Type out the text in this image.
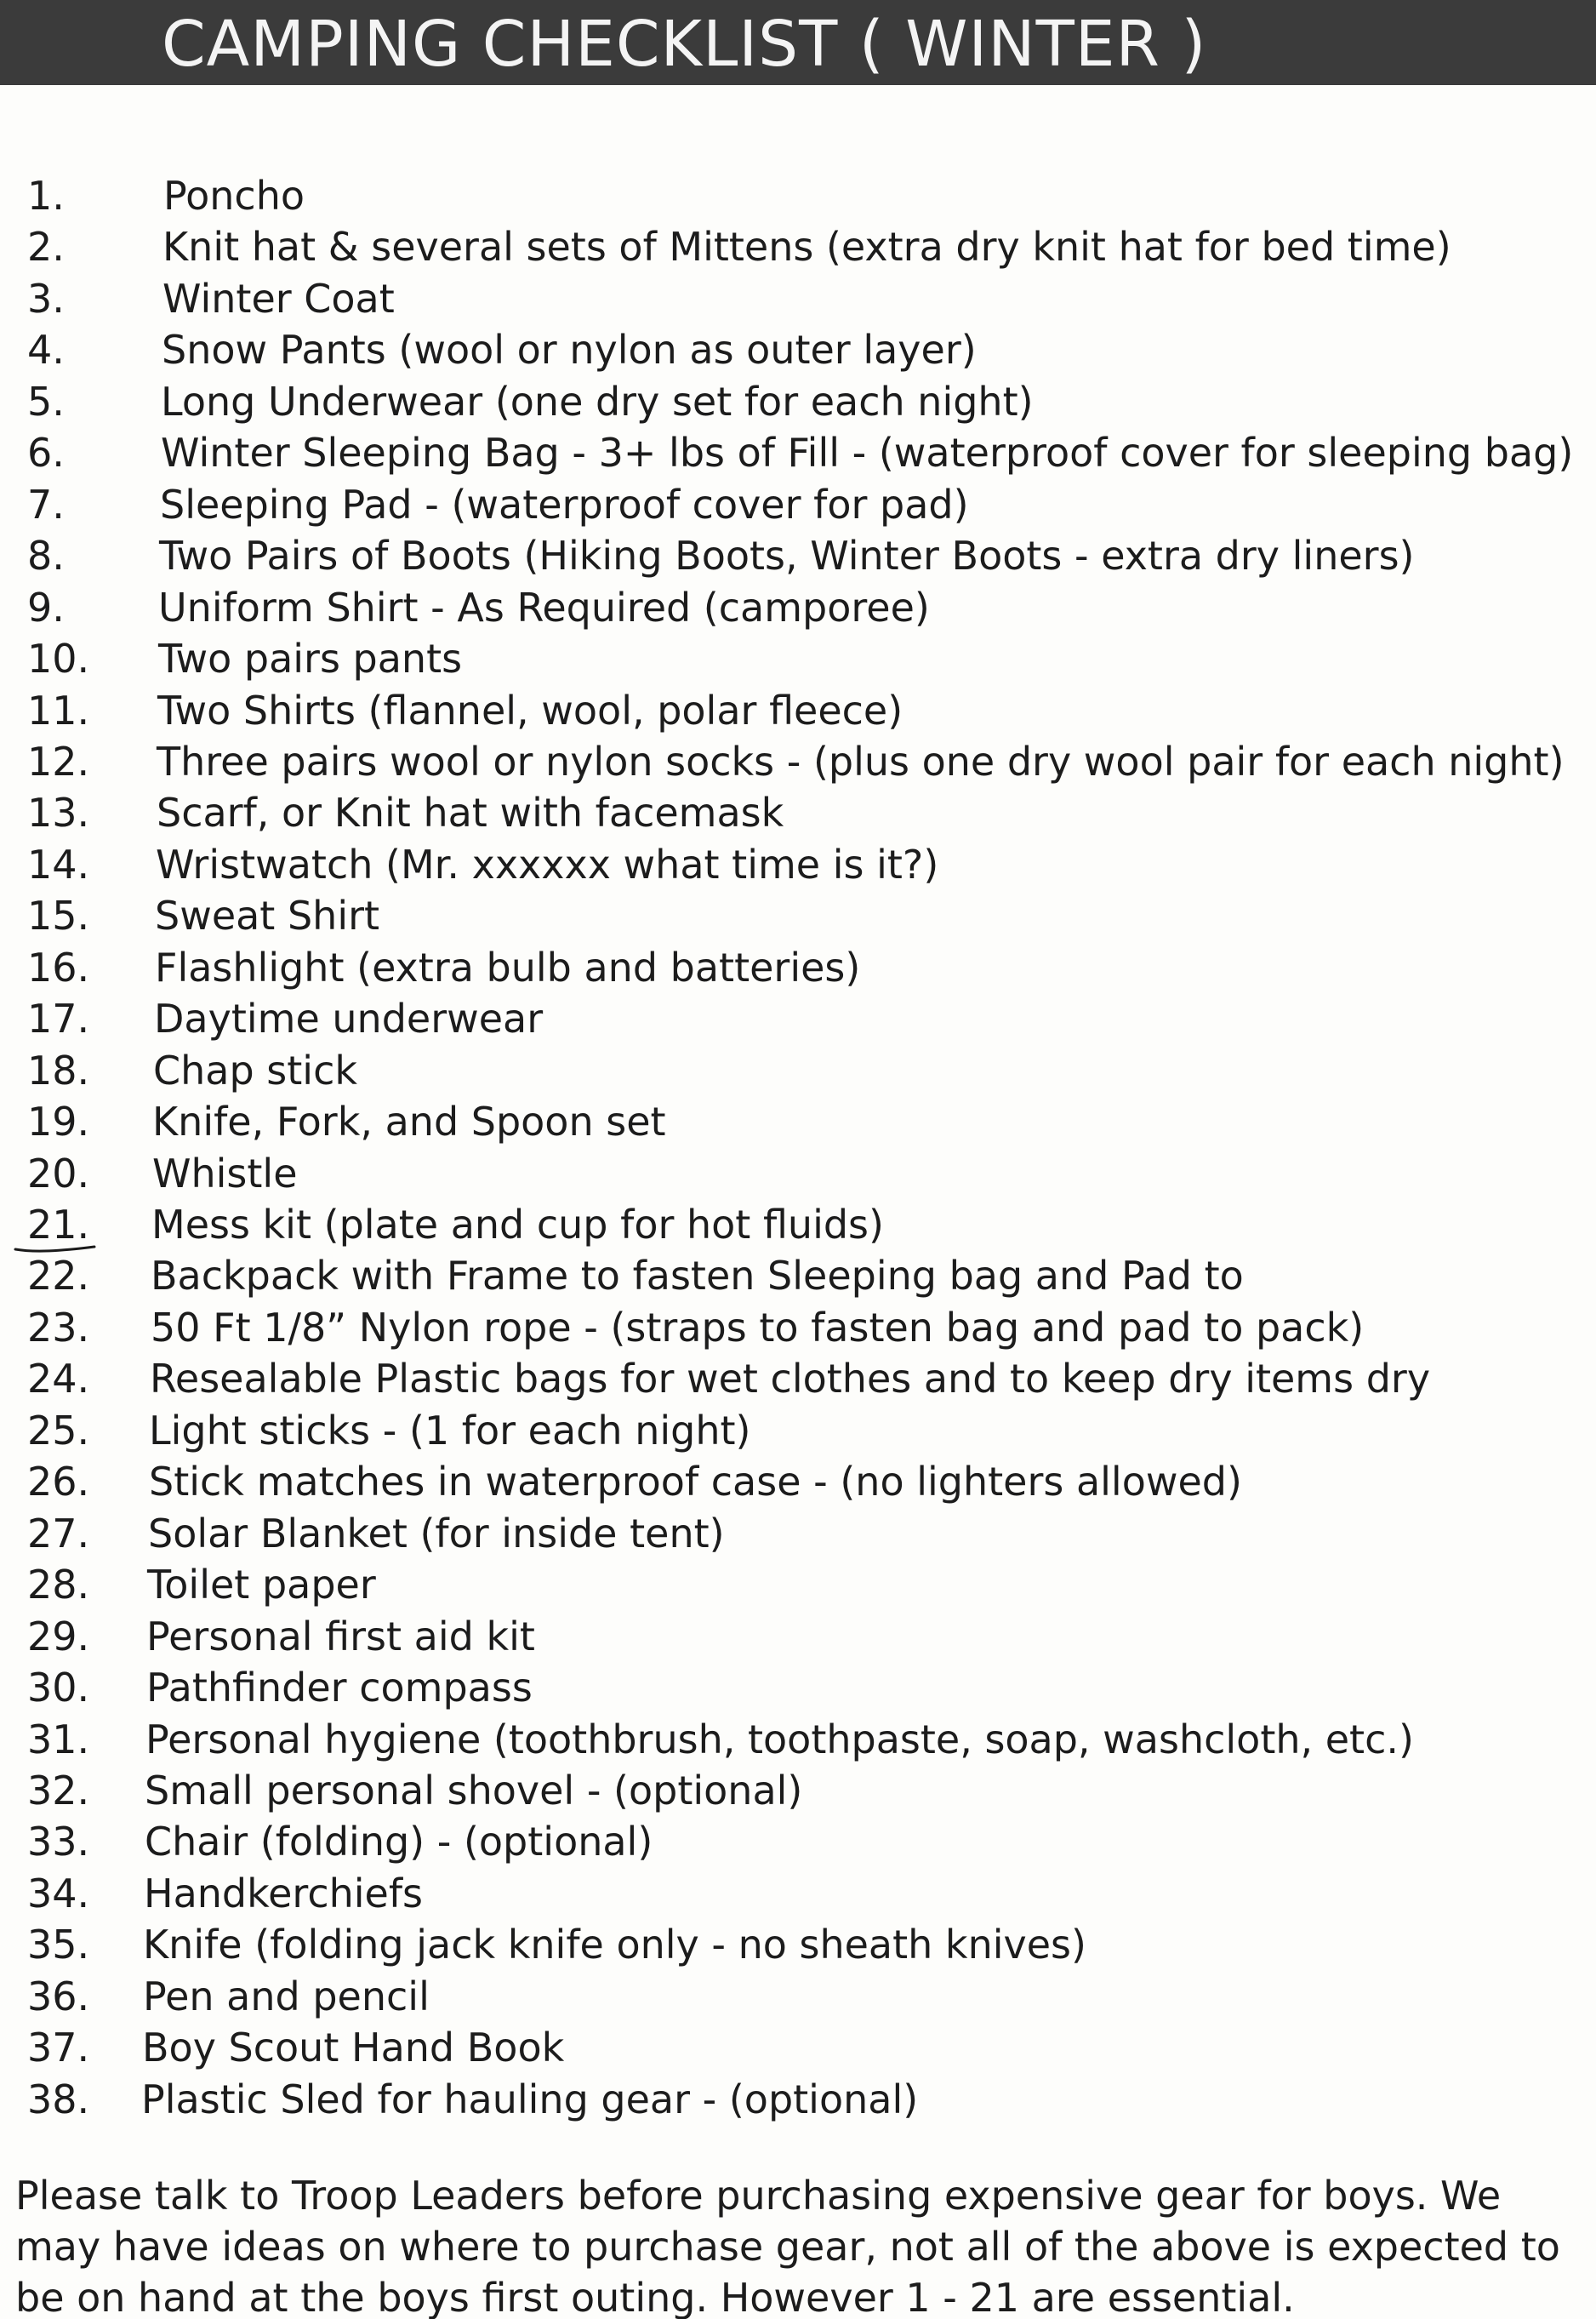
CAMPING CHECKLIST ( WINTER )
1.	Poncho
2.	Knit hat & several sets of Mittens (extra dry knit hat for bed time)
3.	Winter Coat
4.	Snow Pants (wool or nylon as outer layer)
5.	Long Underwear (one dry set for each night)
6.	Winter Sleeping Bag - 3+ lbs of Fill - (waterproof cover for sleeping bag)
7.	Sleeping Pad - (waterproof cover for pad)
8.	Two Pairs of Boots (Hiking Boots, Winter Boots - extra dry liners)
9.	Uniform Shirt - As Required (camporee)
10.	Two pairs pants
11.	Two Shirts (flannel, wool, polar fleece)
12.	Three pairs wool or nylon socks - (plus one dry wool pair for each night)
13.	Scarf, or Knit hat with facemask
14.	Wristwatch (Mr. xxxxxx what time is it?)
15.	Sweat Shirt
16.	Flashlight (extra bulb and batteries)
17.	Daytime underwear
18.	Chap stick
19.	Knife, Fork, and Spoon set
20.	Whistle
21.	Mess kit (plate and cup for hot fluids)
22.	Backpack with Frame to fasten Sleeping bag and Pad to
23.	50 Ft 1/8” Nylon rope - (straps to fasten bag and pad to pack)
24.	Resealable Plastic bags for wet clothes and to keep dry items dry
25.	Light sticks - (1 for each night)
26.	Stick matches in waterproof case - (no lighters allowed)
27.	Solar Blanket (for inside tent)
28.	Toilet paper
29.	Personal first aid kit
30.	Pathfinder compass
31.	Personal hygiene (toothbrush, toothpaste, soap, washcloth, etc.)
32.	Small personal shovel - (optional)
33.	Chair (folding) - (optional)
34.	Handkerchiefs
35.	Knife (folding jack knife only - no sheath knives)
36.	Pen and pencil
37.	Boy Scout Hand Book
38.	Plastic Sled for hauling gear - (optional)

Please talk to Troop Leaders before purchasing expensive gear for boys. We may have ideas on where to purchase gear, not all of the above is expected to be on hand at the boys first outing. However 1 - 21 are essential.
